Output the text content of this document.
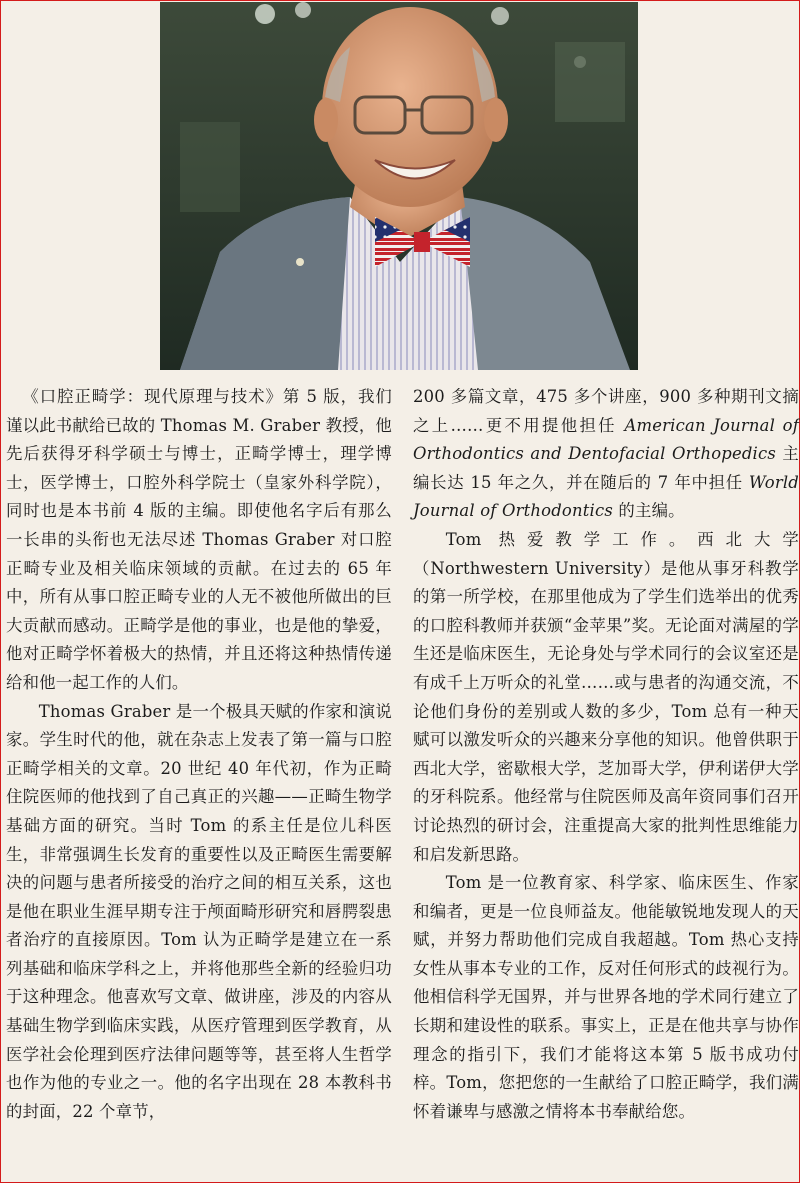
《口腔正畸学：现代原理与技术》第 5 版，我们谨以此书献给已故的 Thomas M. Graber 教授，他先后获得牙科学硕士与博士，正畸学博士，理学博士，医学博士，口腔外科学院士（皇家外科学院），同时也是本书前 4 版的主编。即使他名字后有那么一长串的头衔也无法尽述 Thomas Graber 对口腔正畸专业及相关临床领域的贡献。在过去的 65 年中，所有从事口腔正畸专业的人无不被他所做出的巨大贡献而感动。正畸学是他的事业，也是他的挚爱，他对正畸学怀着极大的热情，并且还将这种热情传递给和他一起工作的人们。

Thomas Graber 是一个极具天赋的作家和演说家。学生时代的他，就在杂志上发表了第一篇与口腔正畸学相关的文章。20 世纪 40 年代初，作为正畸住院医师的他找到了自己真正的兴趣——正畸生物学基础方面的研究。当时 Tom 的系主任是位儿科医生，非常强调生长发育的重要性以及正畸医生需要解决的问题与患者所接受的治疗之间的相互关系，这也是他在职业生涯早期专注于颅面畸形研究和唇腭裂患者治疗的直接原因。Tom 认为正畸学是建立在一系列基础和临床学科之上，并将他那些全新的经验归功于这种理念。他喜欢写文章、做讲座，涉及的内容从基础生物学到临床实践，从医疗管理到医学教育，从医学社会伦理到医疗法律问题等等，甚至将人生哲学也作为他的专业之一。他的名字出现在 28 本教科书的封面，22 个章节，

200 多篇文章，475 多个讲座，900 多种期刊文摘之上……更不用提他担任 American Journal of Orthodontics and Dentofacial Orthopedics 主编长达 15 年之久，并在随后的 7 年中担任 World Journal of Orthodontics 的主编。

Tom 热爱教学工作。西北大学（Northwestern University）是他从事牙科教学的第一所学校，在那里他成为了学生们选举出的优秀的口腔科教师并获颁“金苹果”奖。无论面对满屋的学生还是临床医生，无论身处与学术同行的会议室还是有成千上万听众的礼堂……或与患者的沟通交流，不论他们身份的差别或人数的多少，Tom 总有一种天赋可以激发听众的兴趣来分享他的知识。他曾供职于西北大学，密歇根大学，芝加哥大学，伊利诺伊大学的牙科院系。他经常与住院医师及高年资同事们召开讨论热烈的研讨会，注重提高大家的批判性思维能力和启发新思路。

Tom 是一位教育家、科学家、临床医生、作家和编者，更是一位良师益友。他能敏锐地发现人的天赋，并努力帮助他们完成自我超越。Tom 热心支持女性从事本专业的工作，反对任何形式的歧视行为。他相信科学无国界，并与世界各地的学术同行建立了长期和建设性的联系。事实上，正是在他共享与协作理念的指引下，我们才能将这本第 5 版书成功付梓。Tom，您把您的一生献给了口腔正畸学，我们满怀着谦卑与感激之情将本书奉献给您。
